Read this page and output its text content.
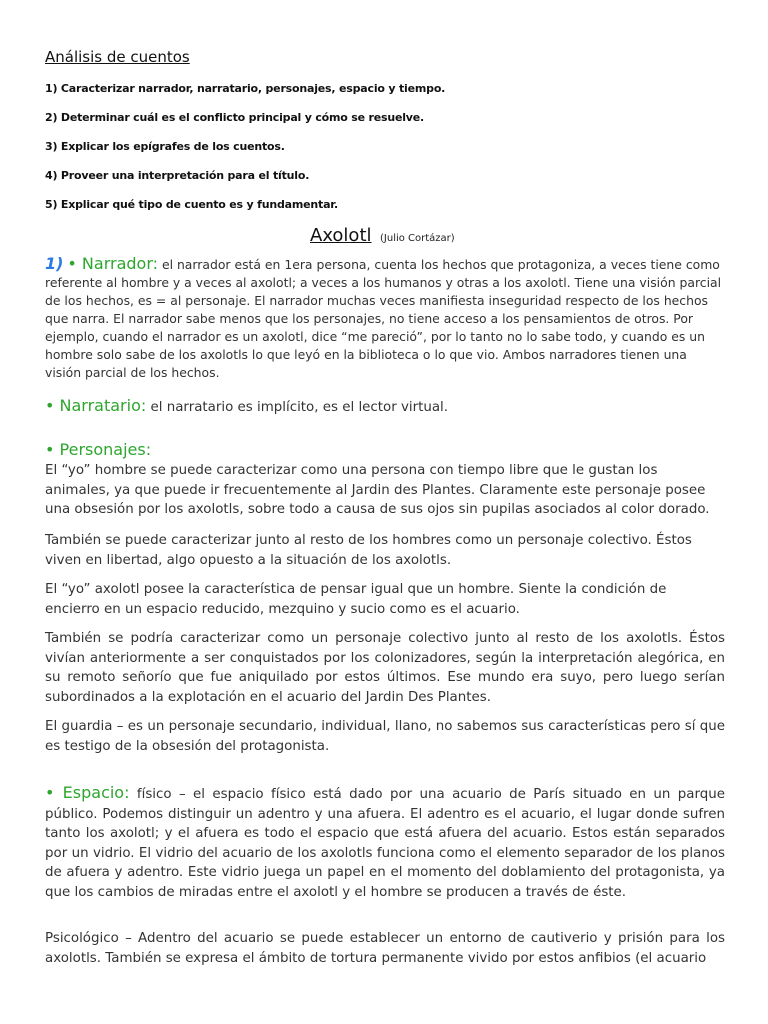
Análisis de cuentos
1) Caracterizar narrador, narratario, personajes, espacio y tiempo.
2) Determinar cuál es el conflicto principal y cómo se resuelve.
3) Explicar los epígrafes de los cuentos.
4) Proveer una interpretación para el título.
5) Explicar qué tipo de cuento es y fundamentar.
Axolotl (Julio Cortázar)
1) • Narrador: el narrador está en 1era persona, cuenta los hechos que protagoniza, a veces tiene como referente al hombre y a veces al axolotl; a veces a los humanos y otras a los axolotl. Tiene una visión parcial de los hechos, es = al personaje. El narrador muchas veces manifiesta inseguridad respecto de los hechos que narra. El narrador sabe menos que los personajes, no tiene acceso a los pensamientos de otros. Por ejemplo, cuando el narrador es un axolotl, dice “me pareció”, por lo tanto no lo sabe todo, y cuando es un hombre solo sabe de los axolotls lo que leyó en la biblioteca o lo que vio. Ambos narradores tienen una visión parcial de los hechos.
• Narratario: el narratario es implícito, es el lector virtual.
• Personajes:
El “yo” hombre se puede caracterizar como una persona con tiempo libre que le gustan los animales, ya que puede ir frecuentemente al Jardin des Plantes. Claramente este personaje posee una obsesión por los axolotls, sobre todo a causa de sus ojos sin pupilas asociados al color dorado.
También se puede caracterizar junto al resto de los hombres como un personaje colectivo. Éstos viven en libertad, algo opuesto a la situación de los axolotls.
El “yo” axolotl posee la característica de pensar igual que un hombre. Siente la condición de encierro en un espacio reducido, mezquino y sucio como es el acuario.
También se podría caracterizar como un personaje colectivo junto al resto de los axolotls. Éstos vivían anteriormente a ser conquistados por los colonizadores, según la interpretación alegórica, en su remoto señorío que fue aniquilado por estos últimos. Ese mundo era suyo, pero luego serían subordinados a la explotación en el acuario del Jardin Des Plantes.
El guardia – es un personaje secundario, individual, llano, no sabemos sus características pero sí que es testigo de la obsesión del protagonista.
• Espacio: físico – el espacio físico está dado por una acuario de París situado en un parque público. Podemos distinguir un adentro y una afuera. El adentro es el acuario, el lugar donde sufren tanto los axolotl; y el afuera es todo el espacio que está afuera del acuario. Estos están separados por un vidrio. El vidrio del acuario de los axolotls funciona como el elemento separador de los planos de afuera y adentro. Este vidrio juega un papel en el momento del doblamiento del protagonista, ya que los cambios de miradas entre el axolotl y el hombre se producen a través de éste.
Psicológico – Adentro del acuario se puede establecer un entorno de cautiverio y prisión para los axolotls. También se expresa el ámbito de tortura permanente vivido por estos anfibios (el acuario
